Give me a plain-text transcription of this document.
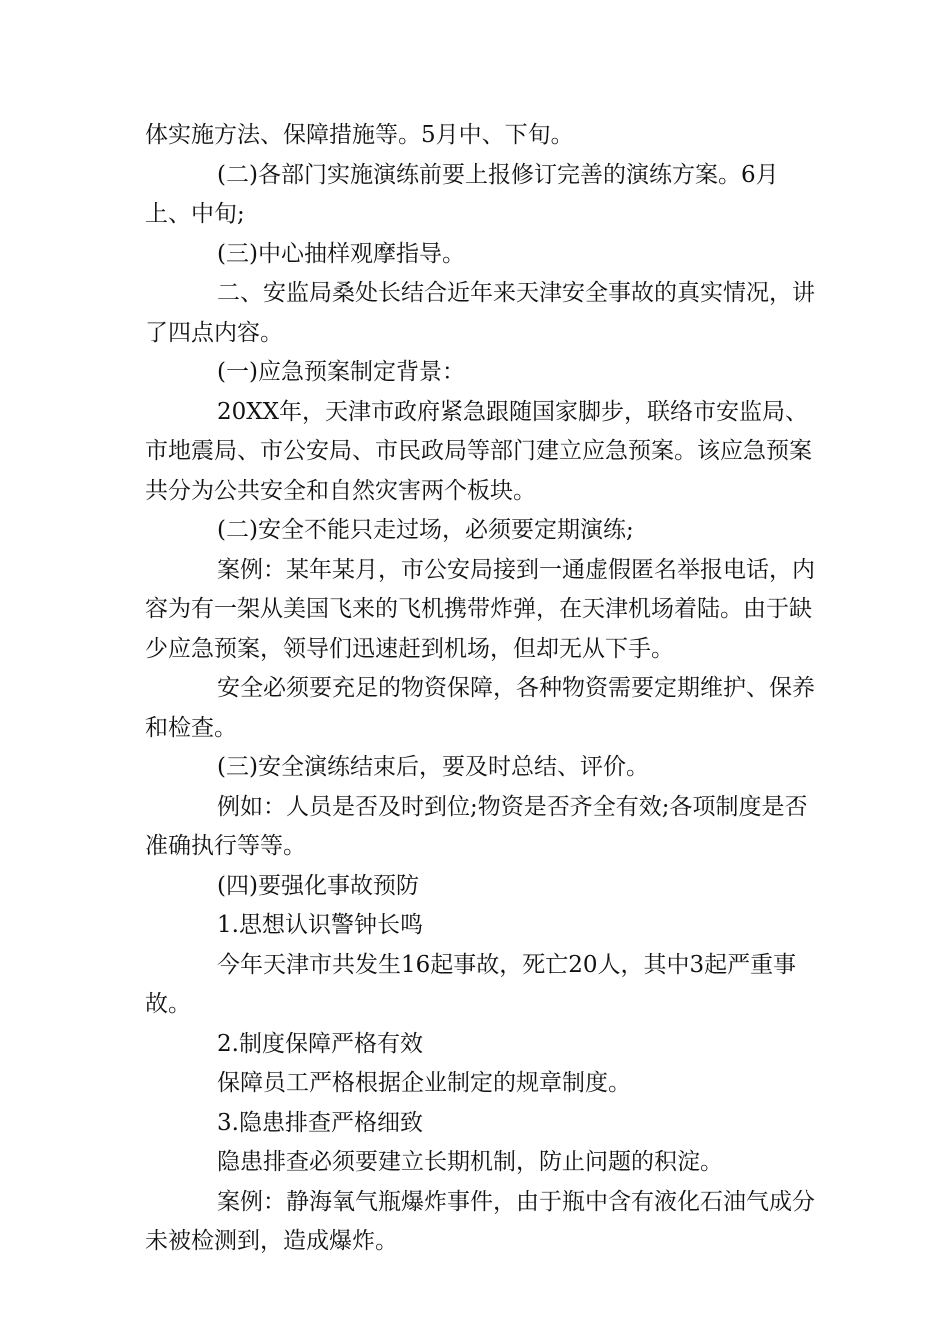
体实施方法、保障措施等。5月中、下旬。

(二)各部门实施演练前要上报修订完善的演练方案。6月上、中旬;

(三)中心抽样观摩指导。

二、安监局桑处长结合近年来天津安全事故的真实情况，讲了四点内容。

(一)应急预案制定背景：

20XX年，天津市政府紧急跟随国家脚步，联络市安监局、市地震局、市公安局、市民政局等部门建立应急预案。该应急预案共分为公共安全和自然灾害两个板块。

(二)安全不能只走过场，必须要定期演练;

案例：某年某月，市公安局接到一通虚假匿名举报电话，内容为有一架从美国飞来的飞机携带炸弹，在天津机场着陆。由于缺少应急预案，领导们迅速赶到机场，但却无从下手。

安全必须要充足的物资保障，各种物资需要定期维护、保养和检查。

(三)安全演练结束后，要及时总结、评价。

例如：人员是否及时到位;物资是否齐全有效;各项制度是否准确执行等等。

(四)要强化事故预防

1.思想认识警钟长鸣

今年天津市共发生16起事故，死亡20人，其中3起严重事故。

2.制度保障严格有效

保障员工严格根据企业制定的规章制度。

3.隐患排查严格细致

隐患排查必须要建立长期机制，防止问题的积淀。

案例：静海氧气瓶爆炸事件，由于瓶中含有液化石油气成分未被检测到，造成爆炸。
